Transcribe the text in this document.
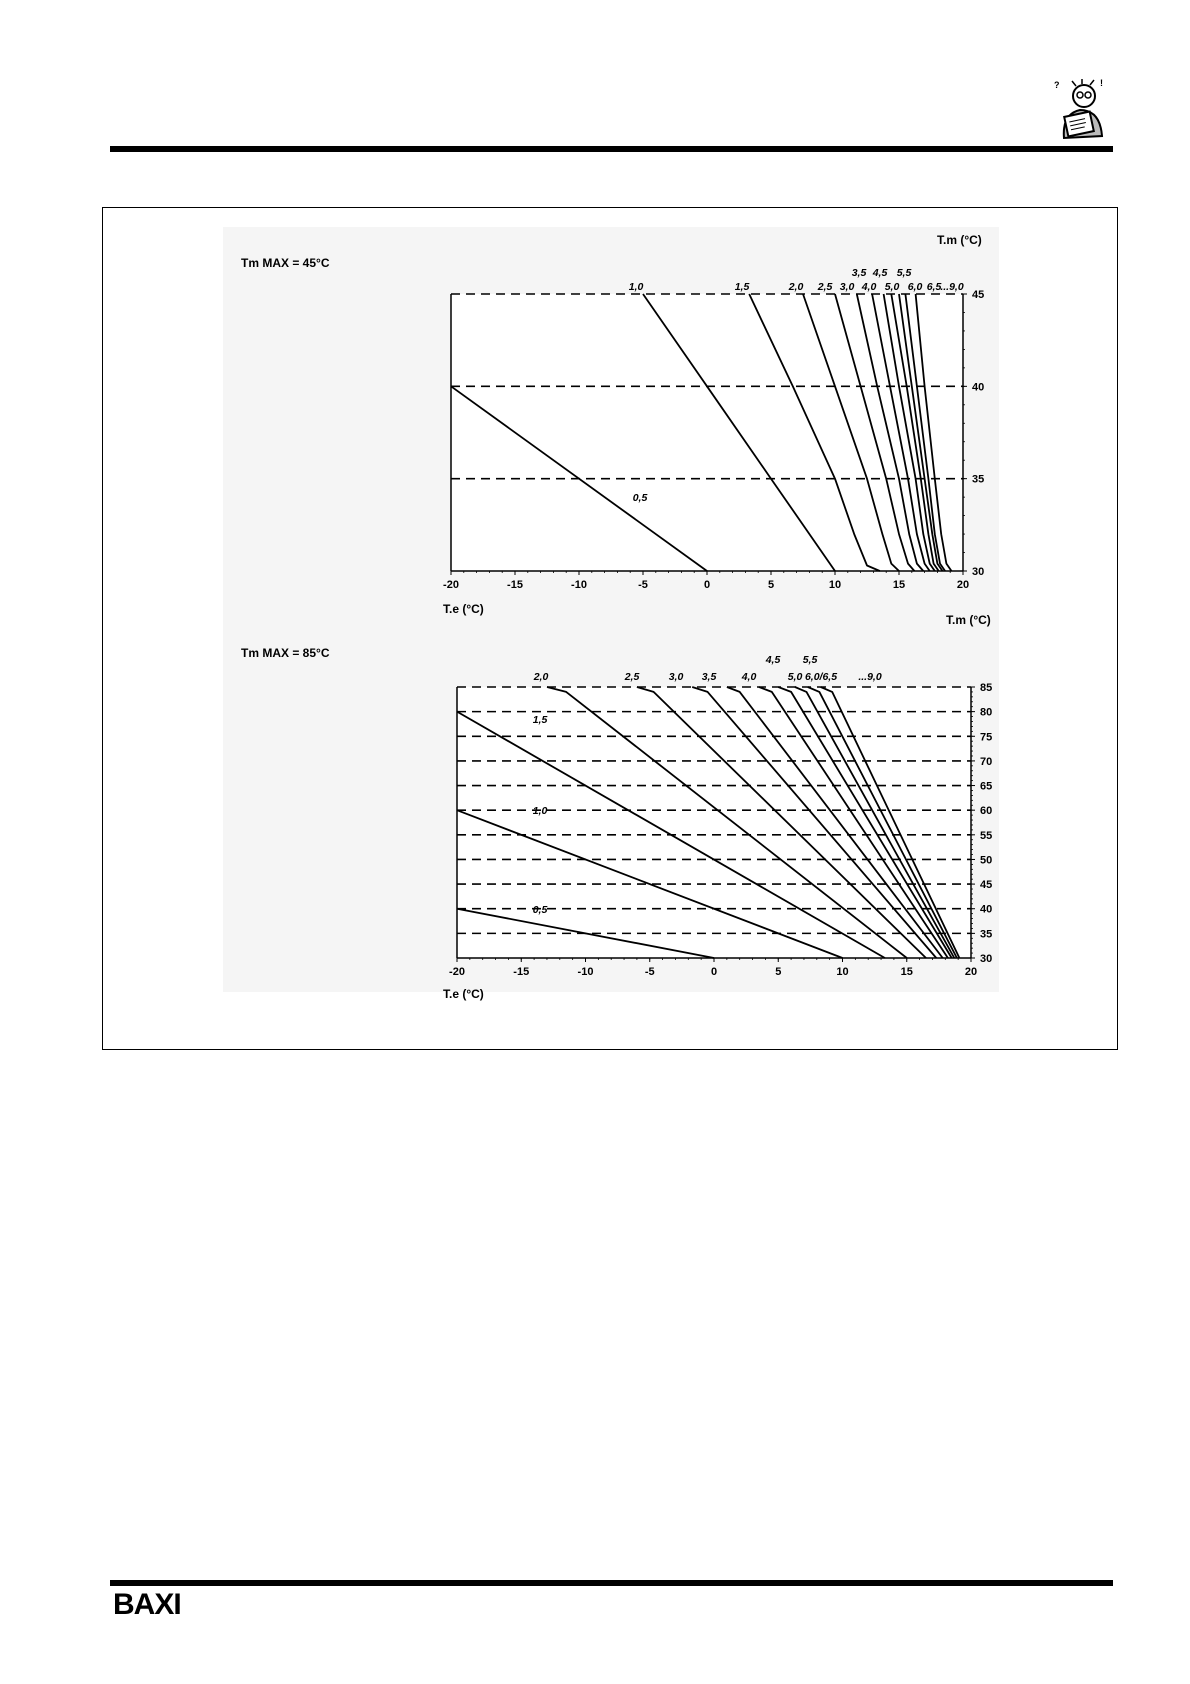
?	!
-20	-15	-10	-5	0	5	10	15	20
30
35
40
45
0,5
1,0	1,5	2,0 2,5 3,0
3,5
4,0
4,5
5,0
5,5
6,0 6,5 ...9,0
Tm MAX = 45°C
T.m (°C)
T.e (°C)
-20	-15	-10	-5	0	5	10	15	20
30
35
40
45
50
55
60
65
70
75
80
85
0,5
1,0
1,5
2,0	2,5	3,0 3,5 4,0
4,5
5,0
5,5
6,0/6,5 ...9,0
Tm MAX = 85°C
T.m (°C)
T.e (°C)
BAXI
